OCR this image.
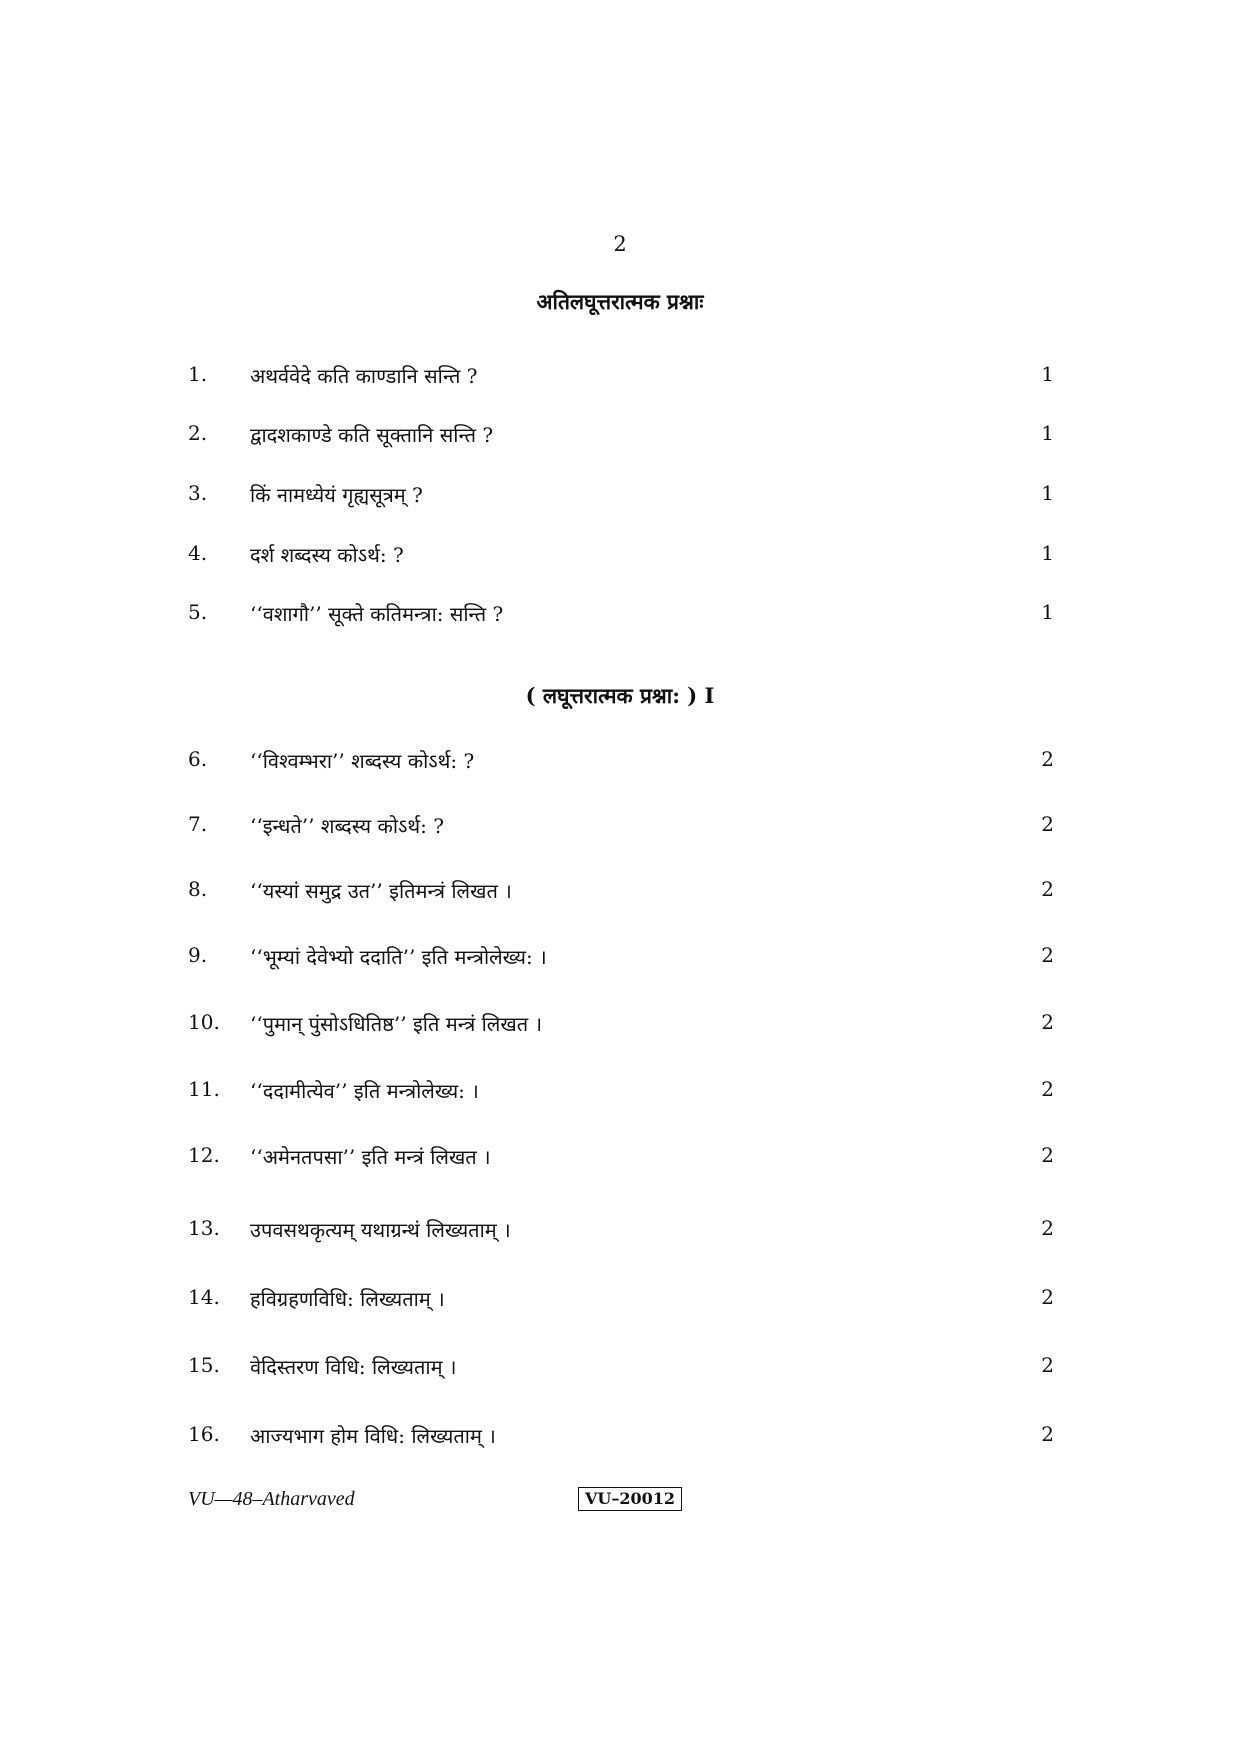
2
अतिलघूत्तरात्मक प्रश्नाः
1. अथर्ववेदे कति काण्डानि सन्ति ?	1
2. द्वादशकाण्डे कति सूक्तानि सन्ति ?	1
3. किं नामध्येयं गृह्यसूत्रम् ?	1
4. दर्श शब्दस्य कोऽर्थ: ?	1
5. ‘‘वशागौ’’ सूक्ते कतिमन्त्रा: सन्ति ?	1
( लघूत्तरात्मक प्रश्ना: ) I
6. ‘‘विश्वम्भरा’’ शब्दस्य कोऽर्थ: ?	2
7. ‘‘इन्धते’’ शब्दस्य कोऽर्थ: ?	2
8. ‘‘यस्यां समुद्र उत’’ इतिमन्त्रं लिखत ।	2
9. ‘‘भूम्यां देवेभ्यो ददाति’’ इति मन्त्रोलेख्य: ।	2
10. ‘‘पुमान् पुंसोऽधितिष्ठ’’ इति मन्त्रं लिखत ।	2
11. ‘‘ददामीत्येव’’ इति मन्त्रोलेख्य: ।	2
12. ‘‘अमेनतपसा’’ इति मन्त्रं लिखत ।	2
13. उपवसथकृत्यम् यथाग्रन्थं लिख्यताम् ।	2
14. हविग्रहणविधि: लिख्यताम् ।	2
15. वेदिस्तरण विधि: लिख्यताम् ।	2
16. आज्यभाग होम विधि: लिख्यताम् ।	2
VU—48–Atharvaved	VU–20012
